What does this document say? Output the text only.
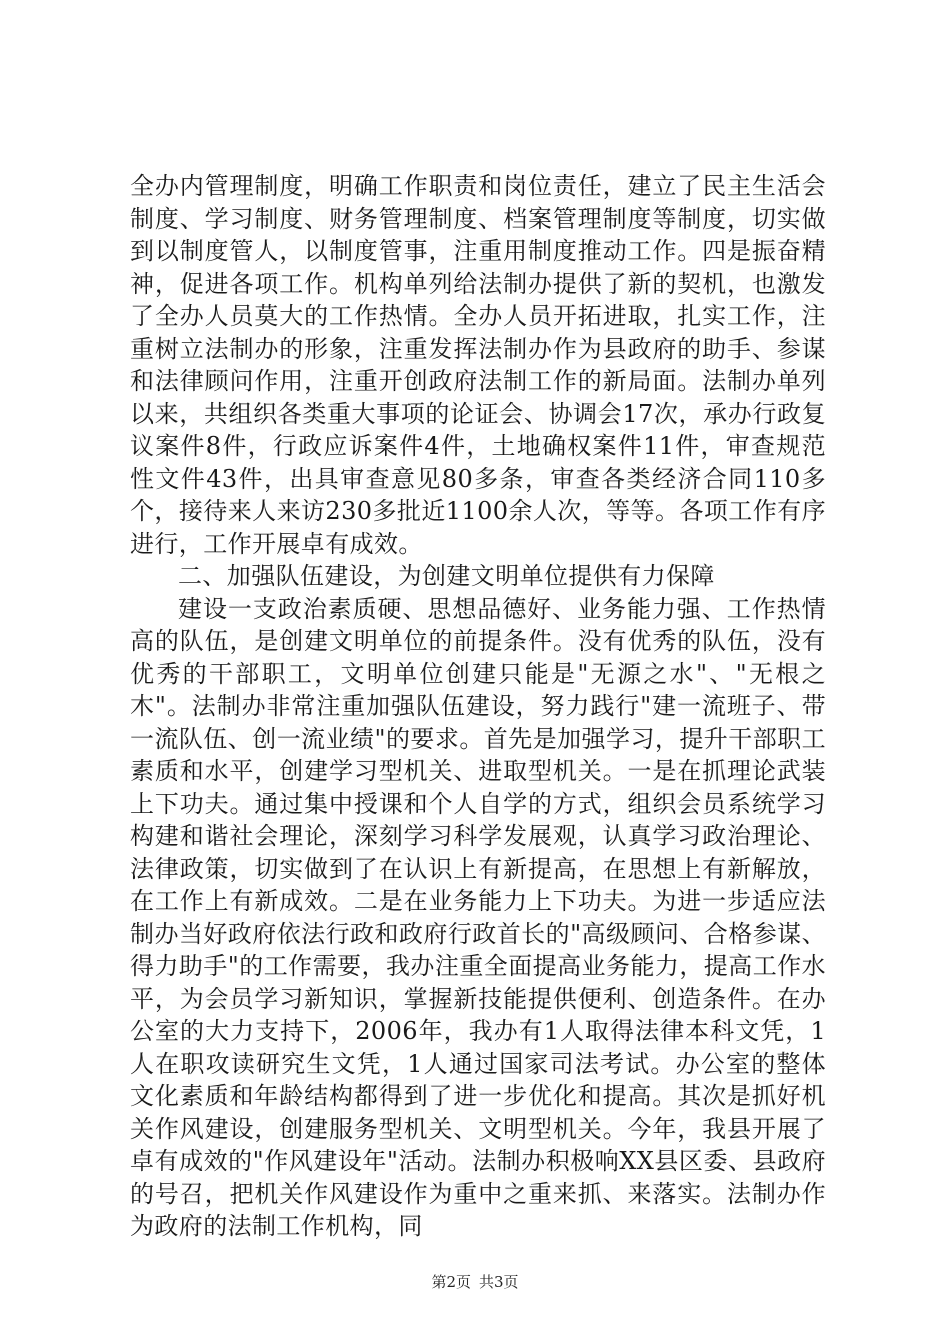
全办内管理制度，明确工作职责和岗位责任，建立了民主生活会制度、学习制度、财务管理制度、档案管理制度等制度，切实做到以制度管人，以制度管事，注重用制度推动工作。四是振奋精神，促进各项工作。机构单列给法制办提供了新的契机，也激发了全办人员莫大的工作热情。全办人员开拓进取，扎实工作，注重树立法制办的形象，注重发挥法制办作为县政府的助手、参谋和法律顾问作用，注重开创政府法制工作的新局面。法制办单列以来，共组织各类重大事项的论证会、协调会17次，承办行政复议案件8件，行政应诉案件4件，土地确权案件11件，审查规范性文件43件，出具审查意见80多条，审查各类经济合同110多个，接待来人来访230多批近1100余人次，等等。各项工作有序进行，工作开展卓有成效。

二、加强队伍建设，为创建文明单位提供有力保障

建设一支政治素质硬、思想品德好、业务能力强、工作热情高的队伍，是创建文明单位的前提条件。没有优秀的队伍，没有优秀的干部职工，文明单位创建只能是"无源之水"、"无根之木"。法制办非常注重加强队伍建设，努力践行"建一流班子、带一流队伍、创一流业绩"的要求。首先是加强学习，提升干部职工素质和水平，创建学习型机关、进取型机关。一是在抓理论武装上下功夫。通过集中授课和个人自学的方式，组织会员系统学习构建和谐社会理论，深刻学习科学发展观，认真学习政治理论、法律政策，切实做到了在认识上有新提高，在思想上有新解放，在工作上有新成效。二是在业务能力上下功夫。为进一步适应法制办当好政府依法行政和政府行政首长的"高级顾问、合格参谋、得力助手"的工作需要，我办注重全面提高业务能力，提高工作水平，为会员学习新知识，掌握新技能提供便利、创造条件。在办公室的大力支持下，2006年，我办有1人取得法律本科文凭，1人在职攻读研究生文凭，1人通过国家司法考试。办公室的整体文化素质和年龄结构都得到了进一步优化和提高。其次是抓好机关作风建设，创建服务型机关、文明型机关。今年，我县开展了卓有成效的"作风建设年"活动。法制办积极响XX县区委、县政府的号召，把机关作风建设作为重中之重来抓、来落实。法制办作为政府的法制工作机构，同

第2页 共3页
